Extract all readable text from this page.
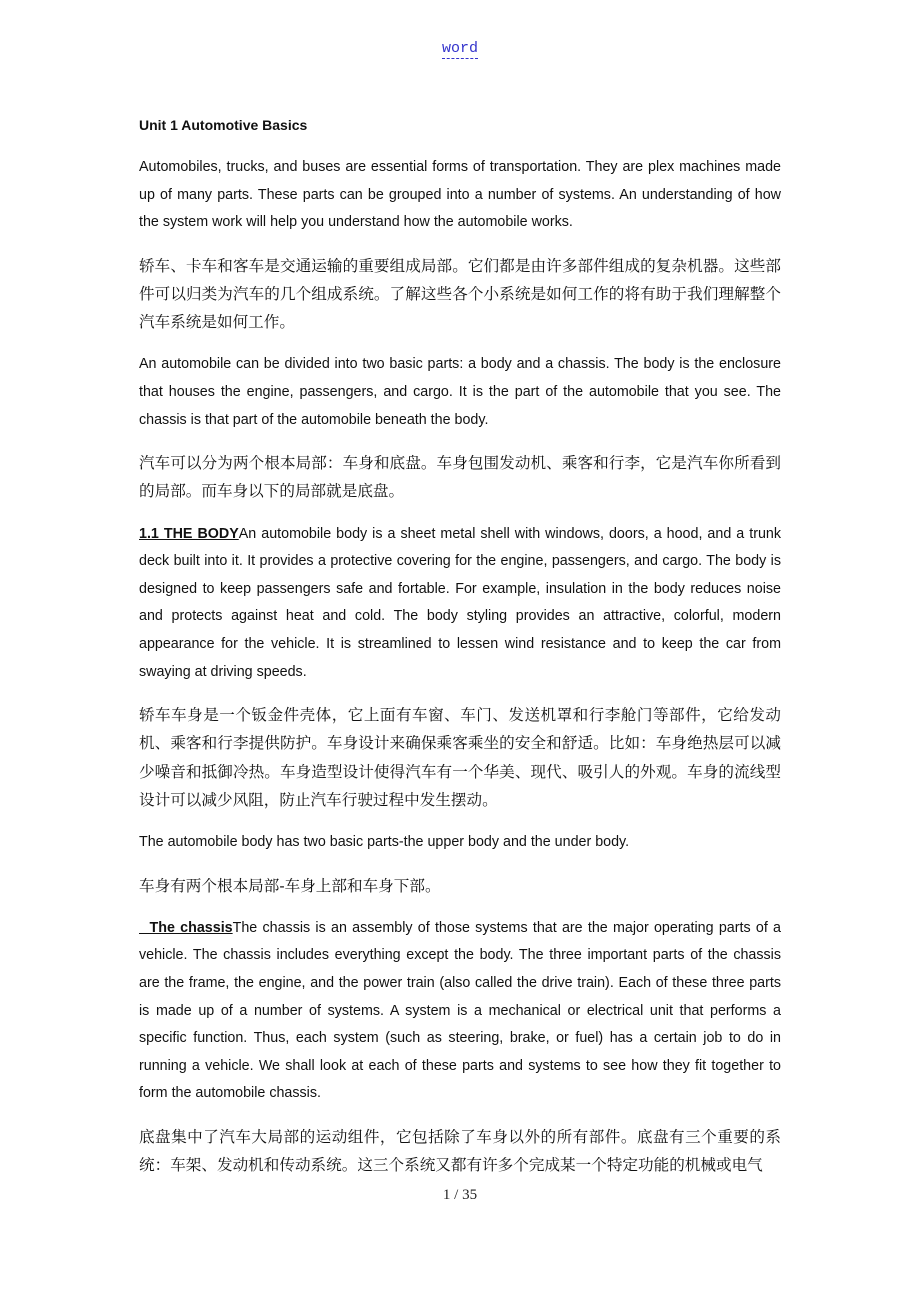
word

Unit 1 Automotive Basics

Automobiles, trucks, and buses are essential forms of transportation. They are plex machines made up of many parts. These parts can be grouped into a number of systems. An understanding of how the system work will help you understand how the automobile works.

轿车、卡车和客车是交通运输的重要组成局部。它们都是由许多部件组成的复杂机器。这些部件可以归类为汽车的几个组成系统。了解这些各个小系统是如何工作的将有助于我们理解整个汽车系统是如何工作。

An automobile can be divided into two basic parts: a body and a chassis. The body is the enclosure that houses the engine, passengers, and cargo. It is the part of the automobile that you see. The chassis is that part of the automobile beneath the body.

汽车可以分为两个根本局部：车身和底盘。车身包围发动机、乘客和行李，它是汽车你所看到的局部。而车身以下的局部就是底盘。

1.1 THE BODYAn automobile body is a sheet metal shell with windows, doors, a hood, and a trunk deck built into it. It provides a protective covering for the engine, passengers, and cargo. The body is designed to keep passengers safe and fortable. For example, insulation in the body reduces noise and protects against heat and cold. The body styling provides an attractive, colorful, modern appearance for the vehicle. It is streamlined to lessen wind resistance and to keep the car from swaying at driving speeds.

轿车车身是一个钣金件壳体，它上面有车窗、车门、发送机罩和行李舱门等部件，它给发动机、乘客和行李提供防护。车身设计来确保乘客乘坐的安全和舒适。比如：车身绝热层可以减少噪音和抵御冷热。车身造型设计使得汽车有一个华美、现代、吸引人的外观。车身的流线型设计可以减少风阻，防止汽车行驶过程中发生摆动。

The automobile body has two basic parts-the upper body and the under body.

车身有两个根本局部-车身上部和车身下部。

The chassisThe chassis is an assembly of those systems that are the major operating parts of a vehicle. The chassis includes everything except the body. The three important parts of the chassis are the frame, the engine, and the power train (also called the drive train). Each of these three parts is made up of a number of systems. A system is a mechanical or electrical unit that performs a specific function. Thus, each system (such as steering, brake, or fuel) has a certain job to do in running a vehicle. We shall look at each of these parts and systems to see how they fit together to form the automobile chassis.

底盘集中了汽车大局部的运动组件，它包括除了车身以外的所有部件。底盘有三个重要的系统：车架、发动机和传动系统。这三个系统又都有许多个完成某一个特定功能的机械或电气

1 / 35
